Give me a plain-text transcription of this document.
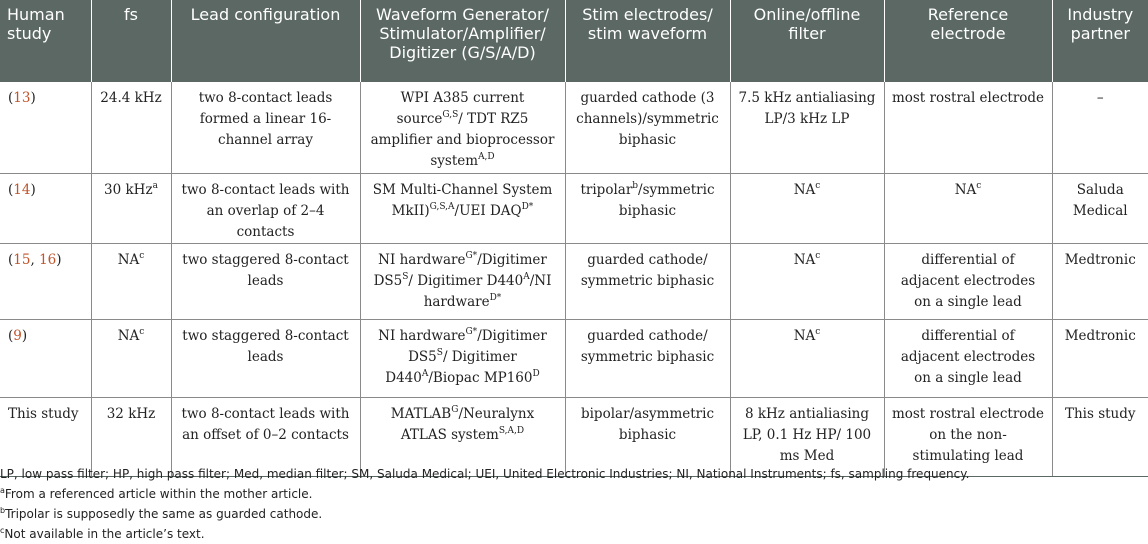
Human study	fs	Lead configuration	Waveform Generator/ Stimulator/Amplifier/ Digitizer (G/S/A/D)	Stim electrodes/ stim waveform	Online/offline filter	Reference electrode	Industry partner
(13)	24.4 kHz	two 8-contact leads formed a linear 16-channel array	WPI A385 current source$^{G,S}$/ TDT RZ5 amplifier and bioprocessor system$^{A,D}$	guarded cathode (3 channels)/symmetric biphasic	7.5 kHz antialiasing LP/3 kHz LP	most rostral electrode	–
(14)	30 kHz$^a$	two 8-contact leads with an overlap of 2–4 contacts	SM Multi-Channel System MkII)$^{G,S,A}$/UEI $DAQ^{D*}$	tripolar$^b$/symmetric biphasic	$NA^c$	$NA^c$	Saluda Medical
(15, 16)	$NA^c$	two staggered 8-contact leads	NI hardware$^{G*}$/Digitimer $DS5^S/$ Digitimer $D440^A/NI$ hardware$^{D*}$	guarded cathode/ symmetric biphasic	$NA^c$	differential of adjacent electrodes on a single lead	Medtronic
(9)	$NA^c$	two staggered 8-contact leads	NI hardware$^{G*}$/Digitimer $DS5^S/$ Digitimer $D440^A$/Biopac $MP160^D$	guarded cathode/ symmetric biphasic	$NA^c$	differential of adjacent electrodes on a single lead	Medtronic
This study	32 kHz	two 8-contact leads with an offset of 0–2 contacts	$MATLAB^G$/Neuralynx ATLAS system$^{S,A,D}$	bipolar/asymmetric biphasic	8 kHz antialiasing LP, 0.1 Hz HP/ 100 ms Med	most rostral electrode on the non-stimulating lead	This study
LP, low pass filter; HP, high pass filter; Med, median filter; SM, Saluda Medical; UEI, United Electronic Industries; NI, National Instruments; fs, sampling frequency.
$^a$From a referenced article within the mother article.
$^b$Tripolar is supposedly the same as guarded cathode.
$^c$Not available in the article’s text.
